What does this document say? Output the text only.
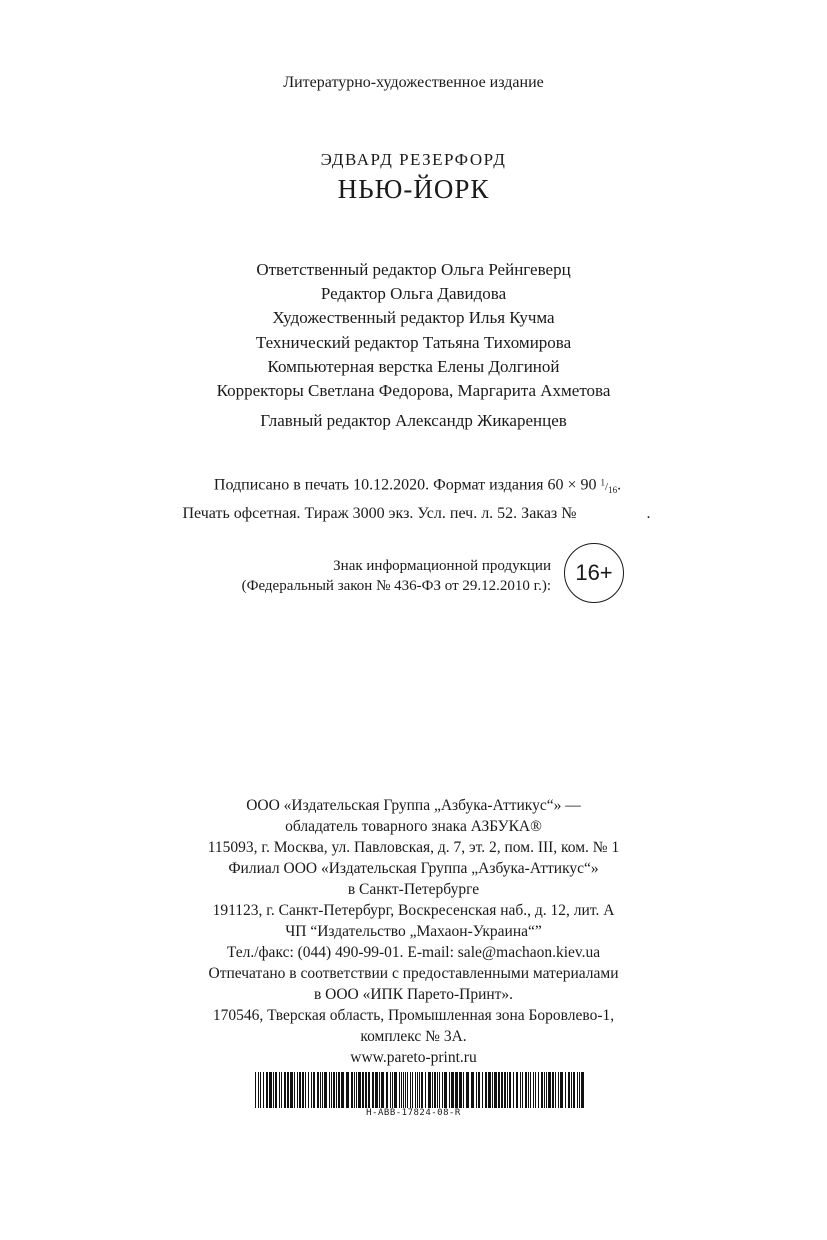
Литературно-художественное издание
ЭДВАРД РЕЗЕРФОРД
НЬЮ-ЙОРК
Ответственный редактор Ольга Рейнгеверц
Редактор Ольга Давидова
Художественный редактор Илья Кучма
Технический редактор Татьяна Тихомирова
Компьютерная верстка Елены Долгиной
Корректоры Светлана Федорова, Маргарита Ахметова
Главный редактор Александр Жикаренцев
Подписано в печать 10.12.2020. Формат издания 60 × 90 $^1/_{16}$.
Печать офсетная. Тираж 3000 экз. Усл. печ. л. 52. Заказ №	.
Знак информационной продукции
(Федеральный закон № 436-ФЗ от 29.12.2010 г.):
16+
ООО «Издательская Группа „Азбука-Аттикус“» —
обладатель товарного знака АЗБУКА®
115093, г. Москва, ул. Павловская, д. 7, эт. 2, пом. III, ком. № 1
Филиал ООО «Издательская Группа „Азбука-Аттикус“»
в Санкт-Петербурге
191123, г. Санкт-Петербург, Воскресенская наб., д. 12, лит. А
ЧП “Издательство „Махаон-Украина“”
Тел./факс: (044) 490-99-01. E-mail: sale@machaon.kiev.ua
Отпечатано в соответствии с предоставленными материалами
в ООО «ИПК Парето-Принт».
170546, Тверская область, Промышленная зона Боровлево-1,
комплекс № 3А.
www.pareto-print.ru
H-ABB-17824-08-R
